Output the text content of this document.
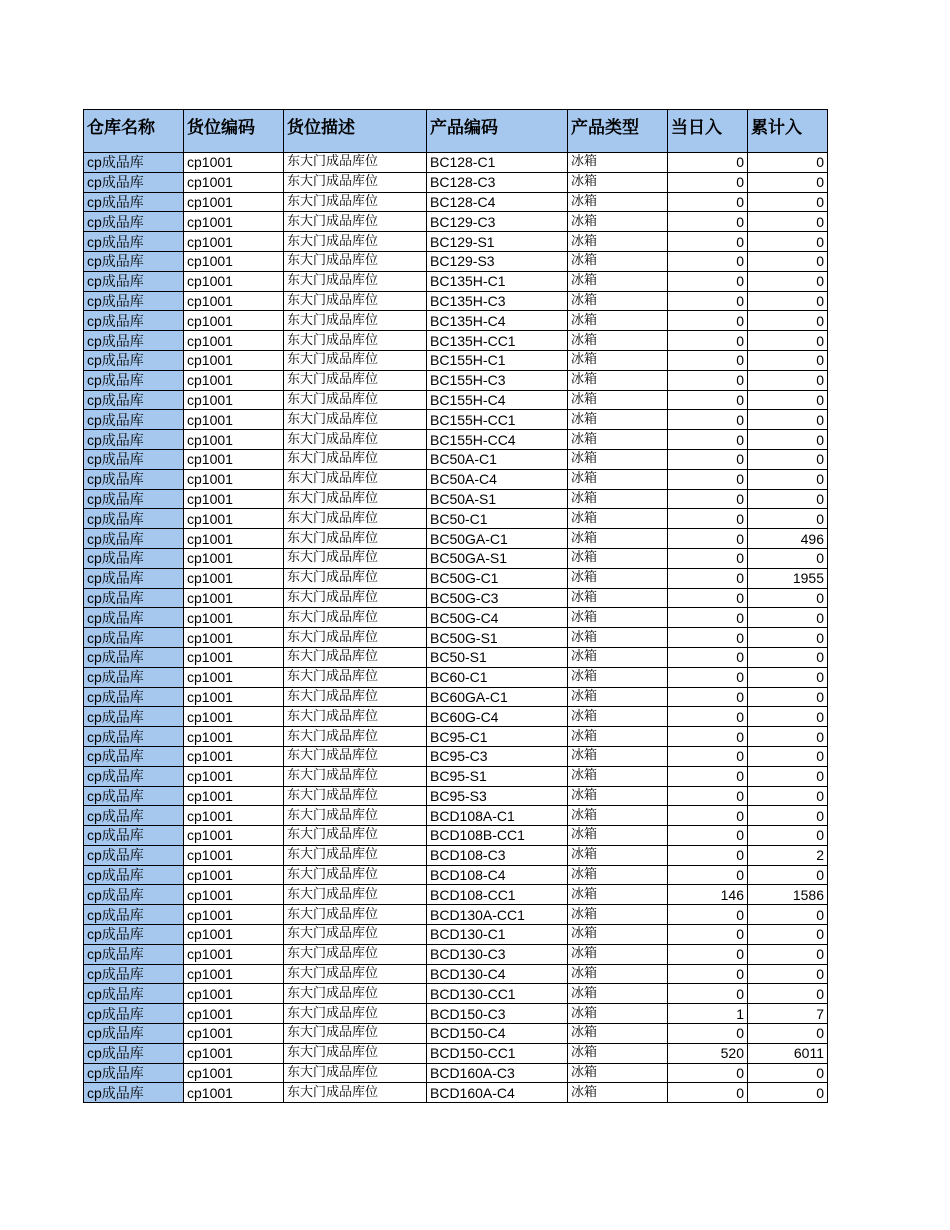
仓库名称	货位编码	货位描述	产品编码	产品类型	当日入	累计入
cp成品库	cp1001	东大门成品库位	BC128-C1	冰箱	0	0
cp成品库	cp1001	东大门成品库位	BC128-C3	冰箱	0	0
cp成品库	cp1001	东大门成品库位	BC128-C4	冰箱	0	0
cp成品库	cp1001	东大门成品库位	BC129-C3	冰箱	0	0
cp成品库	cp1001	东大门成品库位	BC129-S1	冰箱	0	0
cp成品库	cp1001	东大门成品库位	BC129-S3	冰箱	0	0
cp成品库	cp1001	东大门成品库位	BC135H-C1	冰箱	0	0
cp成品库	cp1001	东大门成品库位	BC135H-C3	冰箱	0	0
cp成品库	cp1001	东大门成品库位	BC135H-C4	冰箱	0	0
cp成品库	cp1001	东大门成品库位	BC135H-CC1	冰箱	0	0
cp成品库	cp1001	东大门成品库位	BC155H-C1	冰箱	0	0
cp成品库	cp1001	东大门成品库位	BC155H-C3	冰箱	0	0
cp成品库	cp1001	东大门成品库位	BC155H-C4	冰箱	0	0
cp成品库	cp1001	东大门成品库位	BC155H-CC1	冰箱	0	0
cp成品库	cp1001	东大门成品库位	BC155H-CC4	冰箱	0	0
cp成品库	cp1001	东大门成品库位	BC50A-C1	冰箱	0	0
cp成品库	cp1001	东大门成品库位	BC50A-C4	冰箱	0	0
cp成品库	cp1001	东大门成品库位	BC50A-S1	冰箱	0	0
cp成品库	cp1001	东大门成品库位	BC50-C1	冰箱	0	0
cp成品库	cp1001	东大门成品库位	BC50GA-C1	冰箱	0	496
cp成品库	cp1001	东大门成品库位	BC50GA-S1	冰箱	0	0
cp成品库	cp1001	东大门成品库位	BC50G-C1	冰箱	0	1955
cp成品库	cp1001	东大门成品库位	BC50G-C3	冰箱	0	0
cp成品库	cp1001	东大门成品库位	BC50G-C4	冰箱	0	0
cp成品库	cp1001	东大门成品库位	BC50G-S1	冰箱	0	0
cp成品库	cp1001	东大门成品库位	BC50-S1	冰箱	0	0
cp成品库	cp1001	东大门成品库位	BC60-C1	冰箱	0	0
cp成品库	cp1001	东大门成品库位	BC60GA-C1	冰箱	0	0
cp成品库	cp1001	东大门成品库位	BC60G-C4	冰箱	0	0
cp成品库	cp1001	东大门成品库位	BC95-C1	冰箱	0	0
cp成品库	cp1001	东大门成品库位	BC95-C3	冰箱	0	0
cp成品库	cp1001	东大门成品库位	BC95-S1	冰箱	0	0
cp成品库	cp1001	东大门成品库位	BC95-S3	冰箱	0	0
cp成品库	cp1001	东大门成品库位	BCD108A-C1	冰箱	0	0
cp成品库	cp1001	东大门成品库位	BCD108B-CC1	冰箱	0	0
cp成品库	cp1001	东大门成品库位	BCD108-C3	冰箱	0	2
cp成品库	cp1001	东大门成品库位	BCD108-C4	冰箱	0	0
cp成品库	cp1001	东大门成品库位	BCD108-CC1	冰箱	146	1586
cp成品库	cp1001	东大门成品库位	BCD130A-CC1	冰箱	0	0
cp成品库	cp1001	东大门成品库位	BCD130-C1	冰箱	0	0
cp成品库	cp1001	东大门成品库位	BCD130-C3	冰箱	0	0
cp成品库	cp1001	东大门成品库位	BCD130-C4	冰箱	0	0
cp成品库	cp1001	东大门成品库位	BCD130-CC1	冰箱	0	0
cp成品库	cp1001	东大门成品库位	BCD150-C3	冰箱	1	7
cp成品库	cp1001	东大门成品库位	BCD150-C4	冰箱	0	0
cp成品库	cp1001	东大门成品库位	BCD150-CC1	冰箱	520	6011
cp成品库	cp1001	东大门成品库位	BCD160A-C3	冰箱	0	0
cp成品库	cp1001	东大门成品库位	BCD160A-C4	冰箱	0	0
